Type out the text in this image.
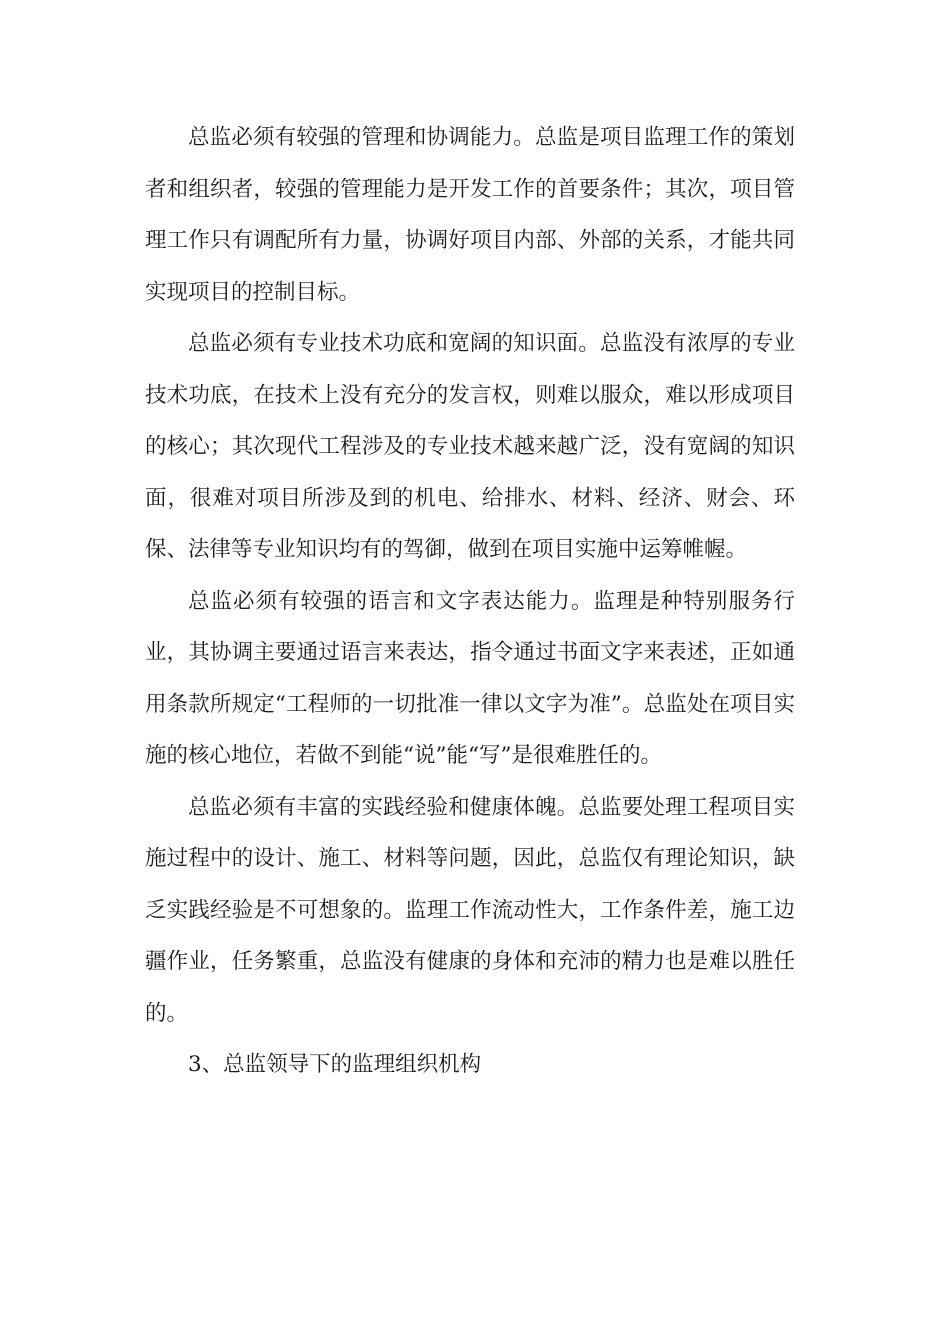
总监必须有较强的管理和协调能力。总监是项目监理工作的策划者和组织者，较强的管理能力是开发工作的首要条件；其次，项目管理工作只有调配所有力量，协调好项目内部、外部的关系，才能共同实现项目的控制目标。

总监必须有专业技术功底和宽阔的知识面。总监没有浓厚的专业技术功底，在技术上没有充分的发言权，则难以服众，难以形成项目的核心；其次现代工程涉及的专业技术越来越广泛，没有宽阔的知识面，很难对项目所涉及到的机电、给排水、材料、经济、财会、环保、法律等专业知识均有的驾御，做到在项目实施中运筹帷幄。

总监必须有较强的语言和文字表达能力。监理是种特别服务行业，其协调主要通过语言来表达，指令通过书面文字来表述，正如通用条款所规定“工程师的一切批准一律以文字为准”。总监处在项目实施的核心地位，若做不到能“说”能“写”是很难胜任的。

总监必须有丰富的实践经验和健康体魄。总监要处理工程项目实施过程中的设计、施工、材料等问题，因此，总监仅有理论知识，缺乏实践经验是不可想象的。监理工作流动性大，工作条件差，施工边疆作业，任务繁重，总监没有健康的身体和充沛的精力也是难以胜任的。

3、总监领导下的监理组织机构
